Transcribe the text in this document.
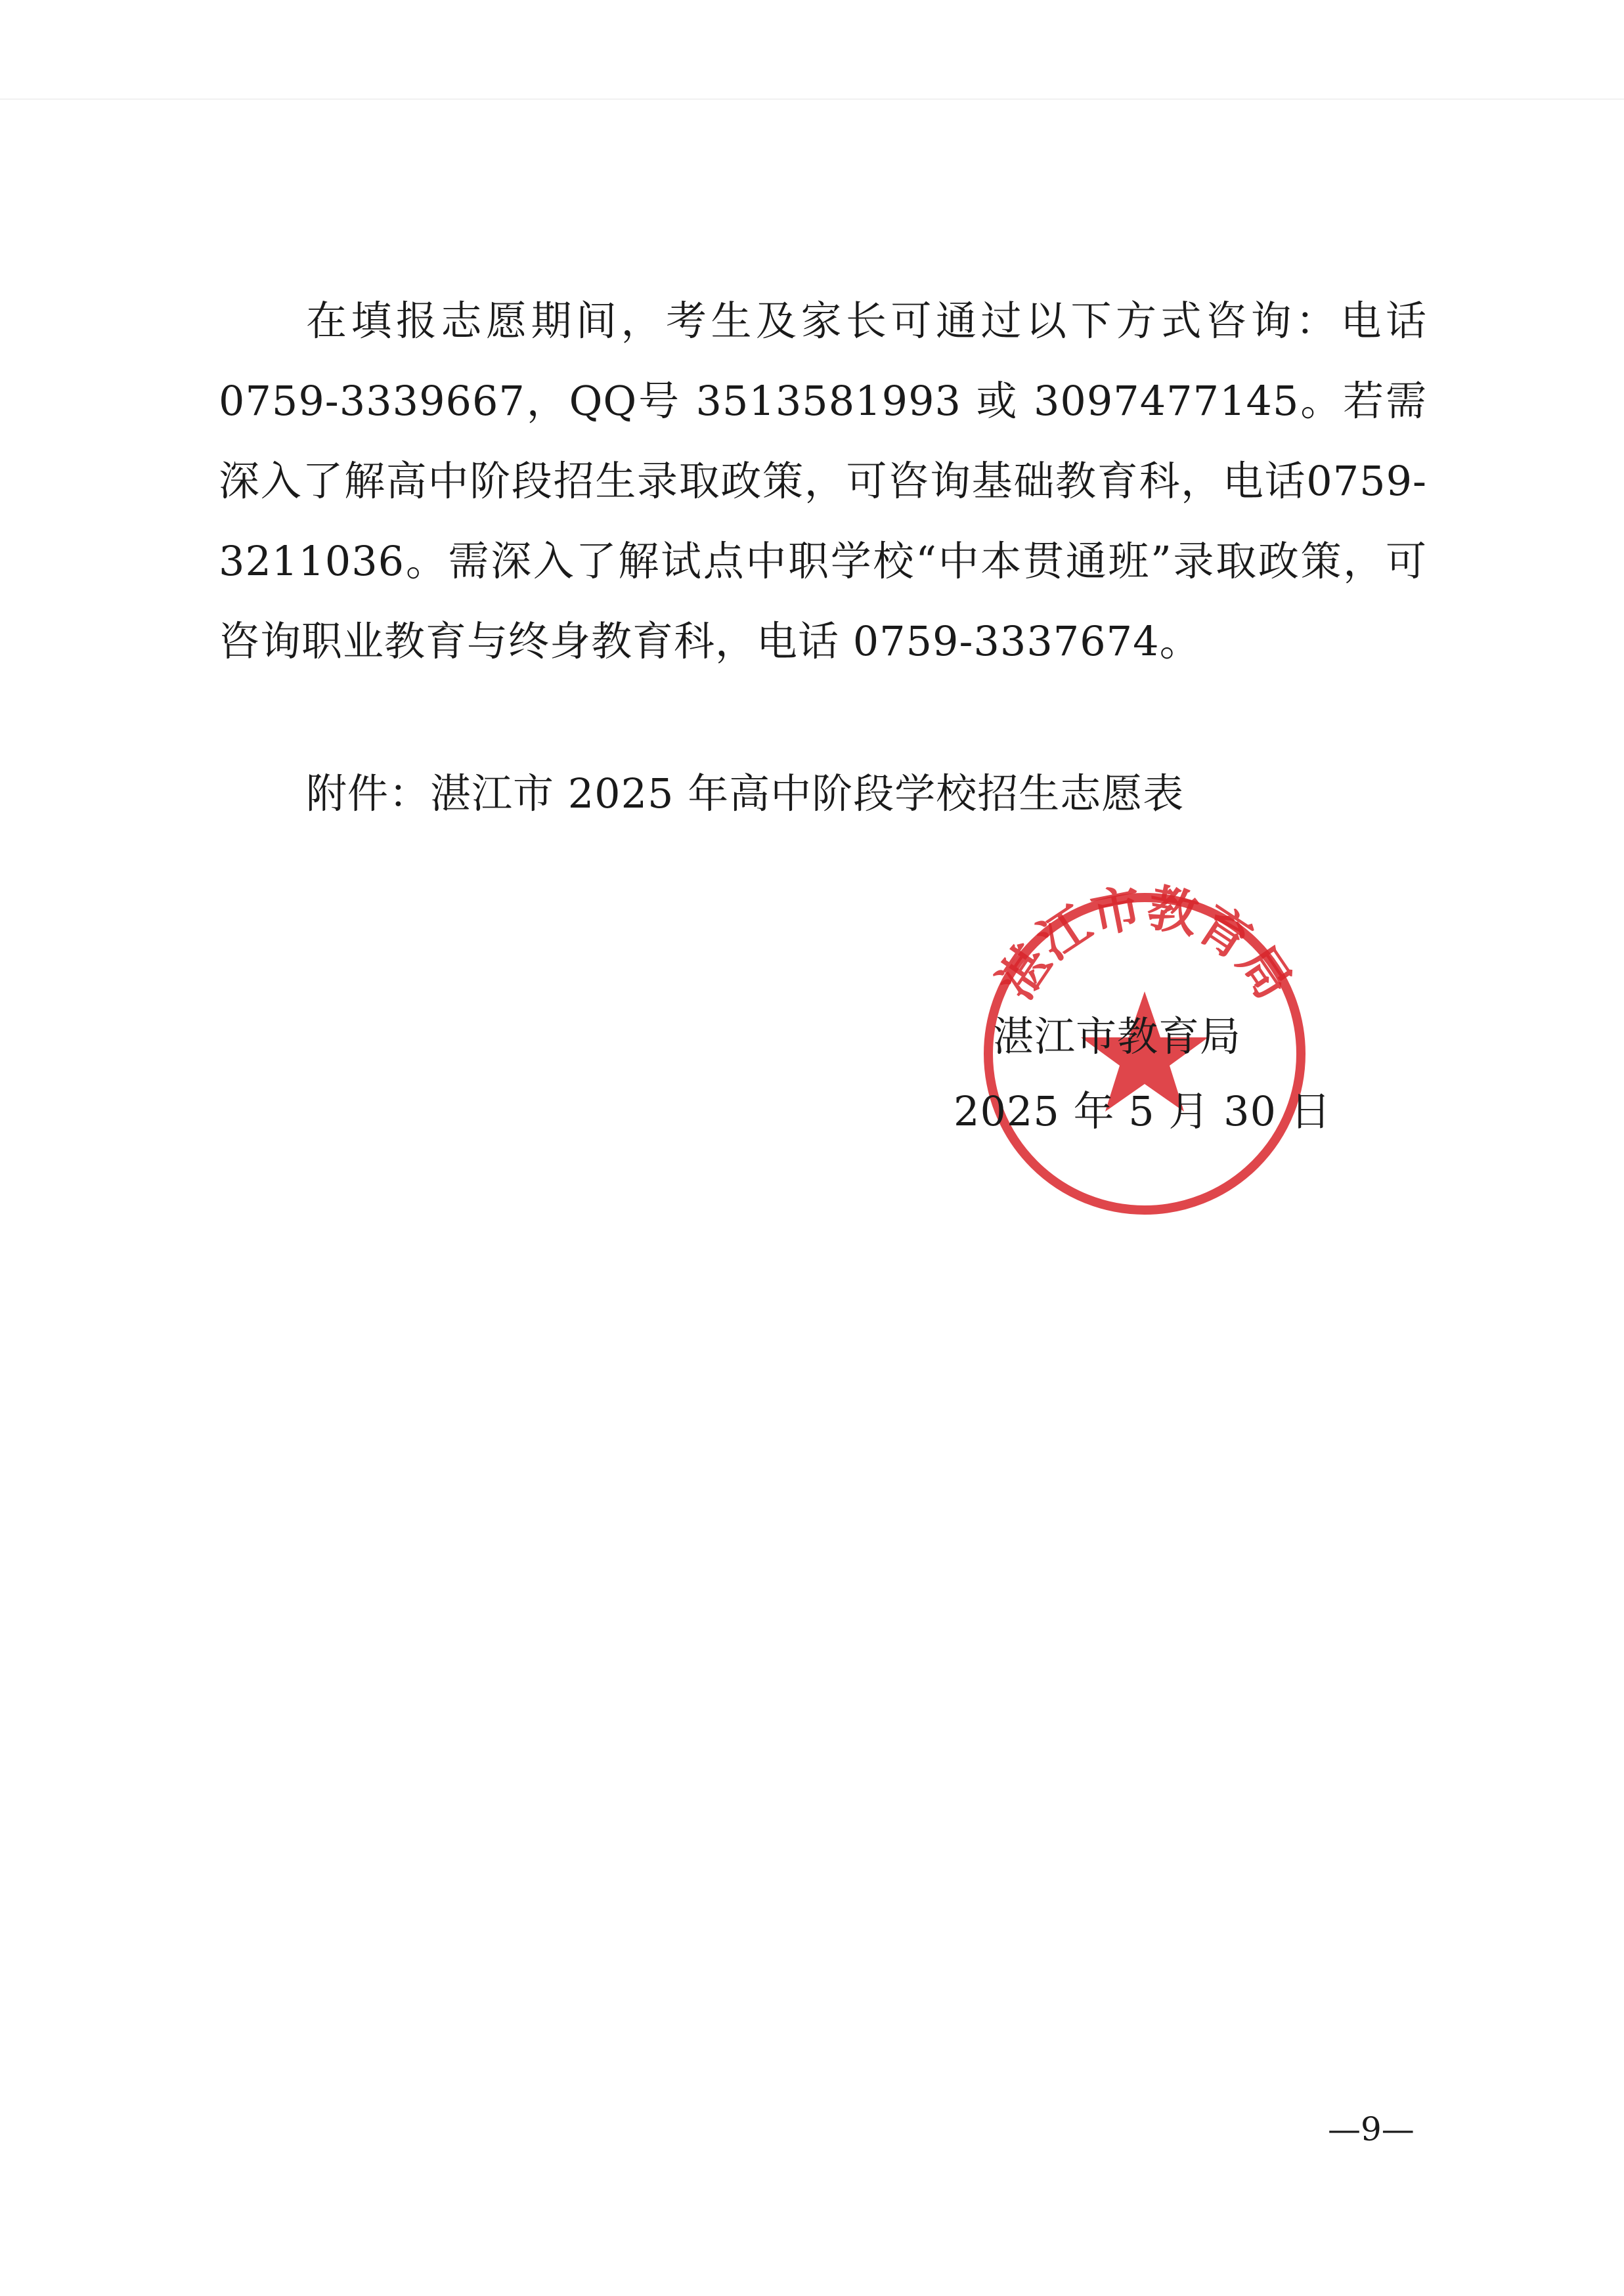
在填报志愿期间，考生及家长可通过以下方式咨询：电话0759-3339667，QQ号 3513581993 或 3097477145。若需深入了解高中阶段招生录取政策，可咨询基础教育科，电话0759-3211036。需深入了解试点中职学校“中本贯通班”录取政策，可咨询职业教育与终身教育科，电话 0759-3337674。

附件：湛江市 2025 年高中阶段学校招生志愿表
湛江市教育局
湛江市教育局
2025 年 5 月 30 日
—9—
